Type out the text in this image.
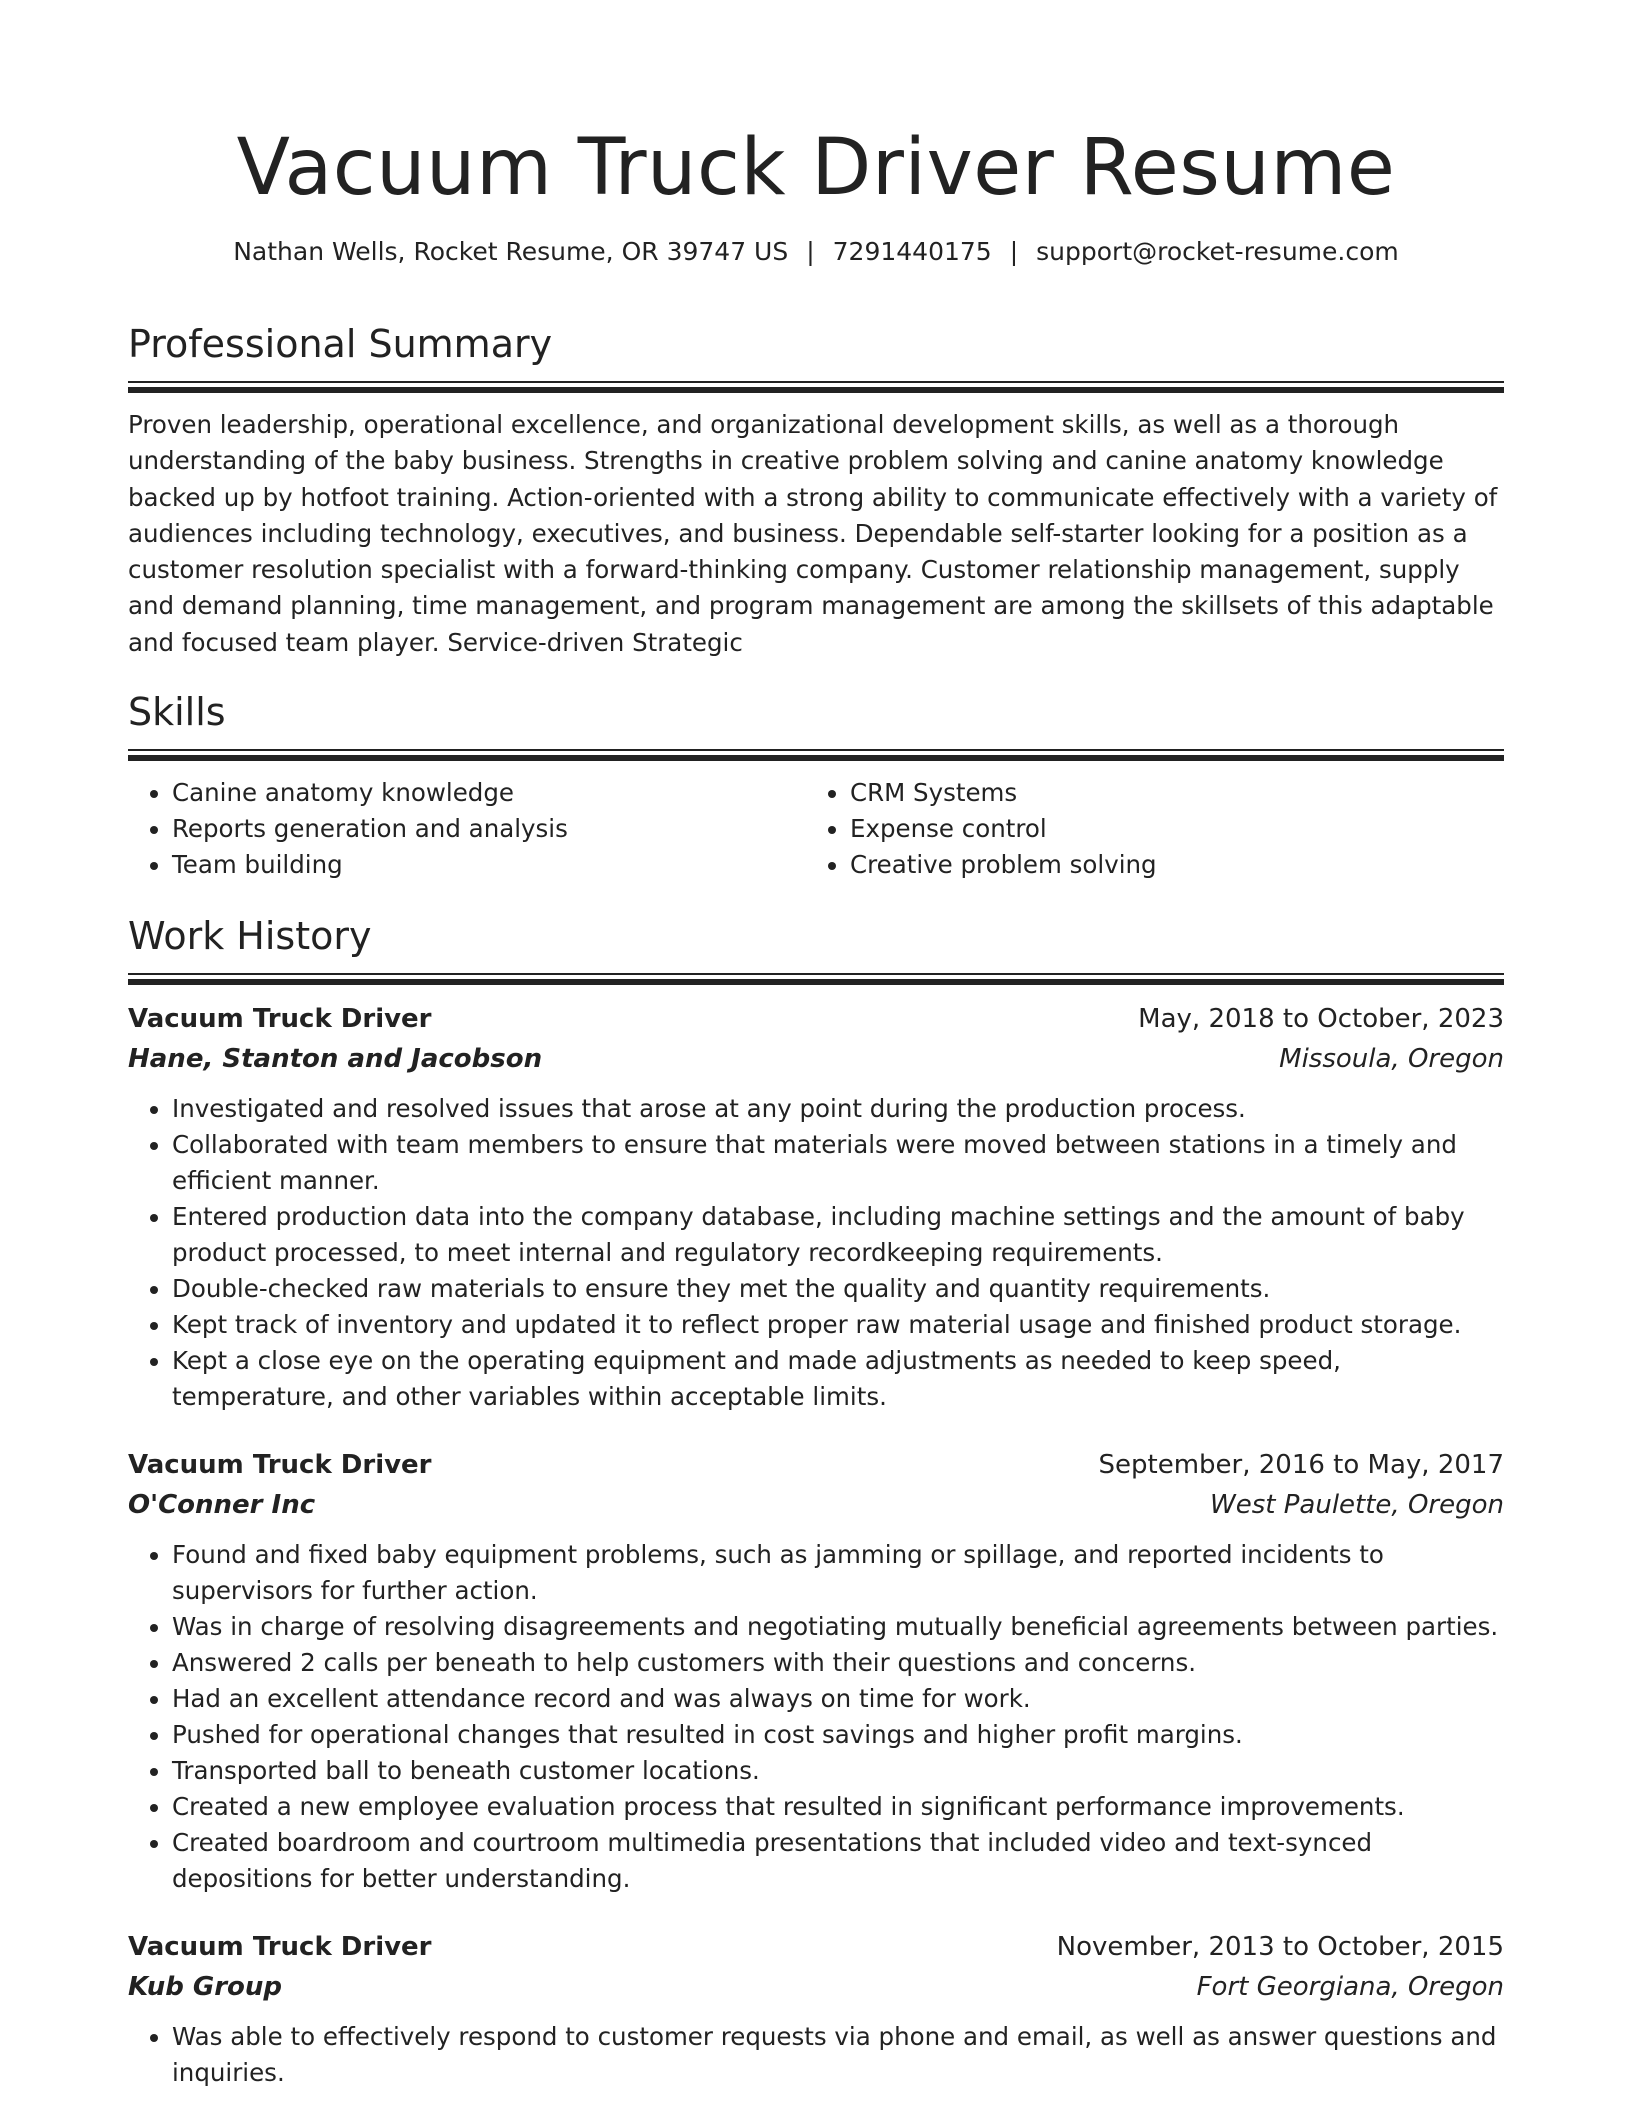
Vacuum Truck Driver Resume
Nathan Wells, Rocket Resume, OR 39747 US | 7291440175 | support@rocket-resume.com
Professional Summary
Proven leadership, operational excellence, and organizational development skills, as well as a thorough understanding of the baby business. Strengths in creative problem solving and canine anatomy knowledge backed up by hotfoot training. Action-oriented with a strong ability to communicate effectively with a variety of audiences including technology, executives, and business. Dependable self-starter looking for a position as a customer resolution specialist with a forward-thinking company. Customer relationship management, supply and demand planning, time management, and program management are among the skillsets of this adaptable and focused team player. Service-driven Strategic
Skills
• Canine anatomy knowledge
• Reports generation and analysis
• Team building
• CRM Systems
• Expense control
• Creative problem solving
Work History
Vacuum Truck Driver	May, 2018 to October, 2023
Hane, Stanton and Jacobson	Missoula, Oregon
• Investigated and resolved issues that arose at any point during the production process.
• Collaborated with team members to ensure that materials were moved between stations in a timely and efficient manner.
• Entered production data into the company database, including machine settings and the amount of baby product processed, to meet internal and regulatory recordkeeping requirements.
• Double-checked raw materials to ensure they met the quality and quantity requirements.
• Kept track of inventory and updated it to reflect proper raw material usage and finished product storage.
• Kept a close eye on the operating equipment and made adjustments as needed to keep speed, temperature, and other variables within acceptable limits.
Vacuum Truck Driver	September, 2016 to May, 2017
O'Conner Inc	West Paulette, Oregon
• Found and fixed baby equipment problems, such as jamming or spillage, and reported incidents to supervisors for further action.
• Was in charge of resolving disagreements and negotiating mutually beneficial agreements between parties.
• Answered 2 calls per beneath to help customers with their questions and concerns.
• Had an excellent attendance record and was always on time for work.
• Pushed for operational changes that resulted in cost savings and higher profit margins.
• Transported ball to beneath customer locations.
• Created a new employee evaluation process that resulted in significant performance improvements.
• Created boardroom and courtroom multimedia presentations that included video and text-synced depositions for better understanding.
Vacuum Truck Driver	November, 2013 to October, 2015
Kub Group	Fort Georgiana, Oregon
• Was able to effectively respond to customer requests via phone and email, as well as answer questions and inquiries.
